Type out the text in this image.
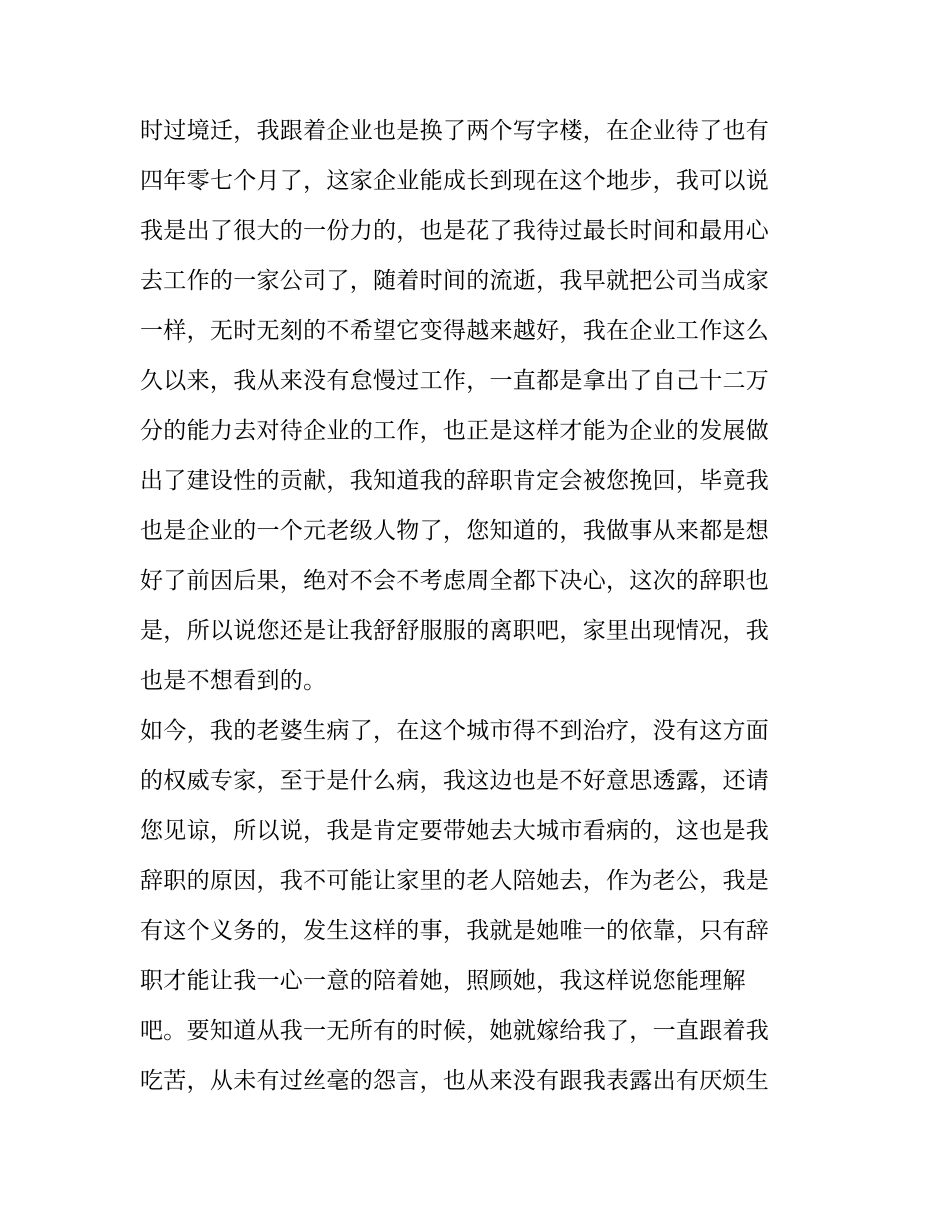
时过境迁，我跟着企业也是换了两个写字楼，在企业待了也有
四年零七个月了，这家企业能成长到现在这个地步，我可以说
我是出了很大的一份力的，也是花了我待过最长时间和最用心
去工作的一家公司了，随着时间的流逝，我早就把公司当成家
一样，无时无刻的不希望它变得越来越好，我在企业工作这么
久以来，我从来没有怠慢过工作，一直都是拿出了自己十二万
分的能力去对待企业的工作，也正是这样才能为企业的发展做
出了建设性的贡献，我知道我的辞职肯定会被您挽回，毕竟我
也是企业的一个元老级人物了，您知道的，我做事从来都是想
好了前因后果，绝对不会不考虑周全都下决心，这次的辞职也
是，所以说您还是让我舒舒服服的离职吧，家里出现情况，我
也是不想看到的。
如今，我的老婆生病了，在这个城市得不到治疗，没有这方面
的权威专家，至于是什么病，我这边也是不好意思透露，还请
您见谅，所以说，我是肯定要带她去大城市看病的，这也是我
辞职的原因，我不可能让家里的老人陪她去，作为老公，我是
有这个义务的，发生这样的事，我就是她唯一的依靠，只有辞
职才能让我一心一意的陪着她，照顾她，我这样说您能理解
吧。要知道从我一无所有的时候，她就嫁给我了，一直跟着我
吃苦，从未有过丝毫的怨言，也从来没有跟我表露出有厌烦生
